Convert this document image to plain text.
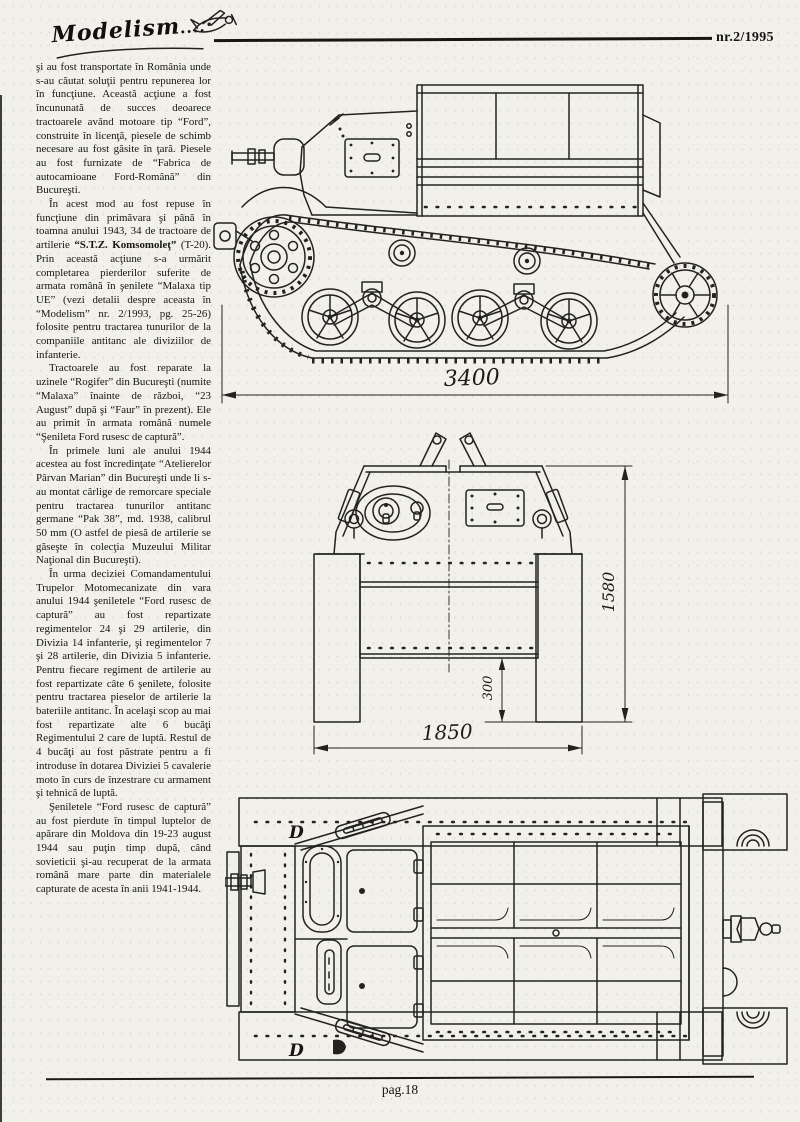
Modelism....
nr.2/1995

şi au fost transportate în România unde s-au căutat soluţii pentru repunerea lor în funcţiune. Această acţiune a fost încununată de succes deoarece tractoarele având motoare tip “Ford”, construite în licenţă, piesele de schimb necesare au fost găsite în ţară. Piesele au fost furnizate de “Fabrica de autocamioane Ford-Română” din Bucureşti.

În acest mod au fost repuse în funcţiune din primăvara şi până în toamna anului 1943, 34 de tractoare de artilerie “S.T.Z. Komsomoleţ” (T-20). Prin această acţiune s-a urmărit completarea pierderilor suferite de armata română în şenilete “Malaxa tip UE” (vezi detalii despre aceasta în “Modelism” nr. 2/1993, pg. 25-26) folosite pentru tractarea tunurilor de la companiile antitanc ale diviziilor de infanterie.

Tractoarele au fost reparate la uzinele “Rogifer” din Bucureşti (numite “Malaxa” înainte de război, “23 August” după şi “Faur” în prezent). Ele au primit în armata română numele “Şenileta Ford rusesc de captură”.

În primele luni ale anului 1944 acestea au fost încredinţate “Atelierelor Pârvan Marian” din Bucureşti unde li s-au montat cârlige de remorcare speciale pentru tractarea tunurilor antitanc germane “Pak 38”, md. 1938, calibrul 50 mm (O astfel de piesă de artilerie se găseşte în colecţia Muzeului Militar Naţional din Bucureşti).

În urma deciziei Comandamentului Trupelor Motomecanizate din vara anului 1944 şeniletele “Ford rusesc de captură” au fost repartizate regimentelor 24 şi 29 artilerie, din Divizia 14 infanterie, şi regimentelor 7 şi 28 artilerie, din Divizia 5 infanterie. Pentru fiecare regiment de artilerie au fost repartizate câte 6 şenilete, folosite pentru tractarea pieselor de artilerie la bateriile antitanc. În acelaşi scop au mai fost repartizate alte 6 bucăţi Regimentului 2 care de luptă. Restul de 4 bucăţi au fost păstrate pentru a fi introduse în dotarea Diviziei 5 cavalerie moto în curs de înzestrare cu armament şi tehnică de luptă.

Şeniletele “Ford rusesc de captură” au fost pierdute în timpul luptelor de apărare din Moldova din 19-23 august 1944 sau puţin timp după, când sovieticii şi-au recuperat de la armata română mare parte din materialele capturate de acesta în anii 1941-1944.

3400
1580
300
1850
D
D
pag.18
